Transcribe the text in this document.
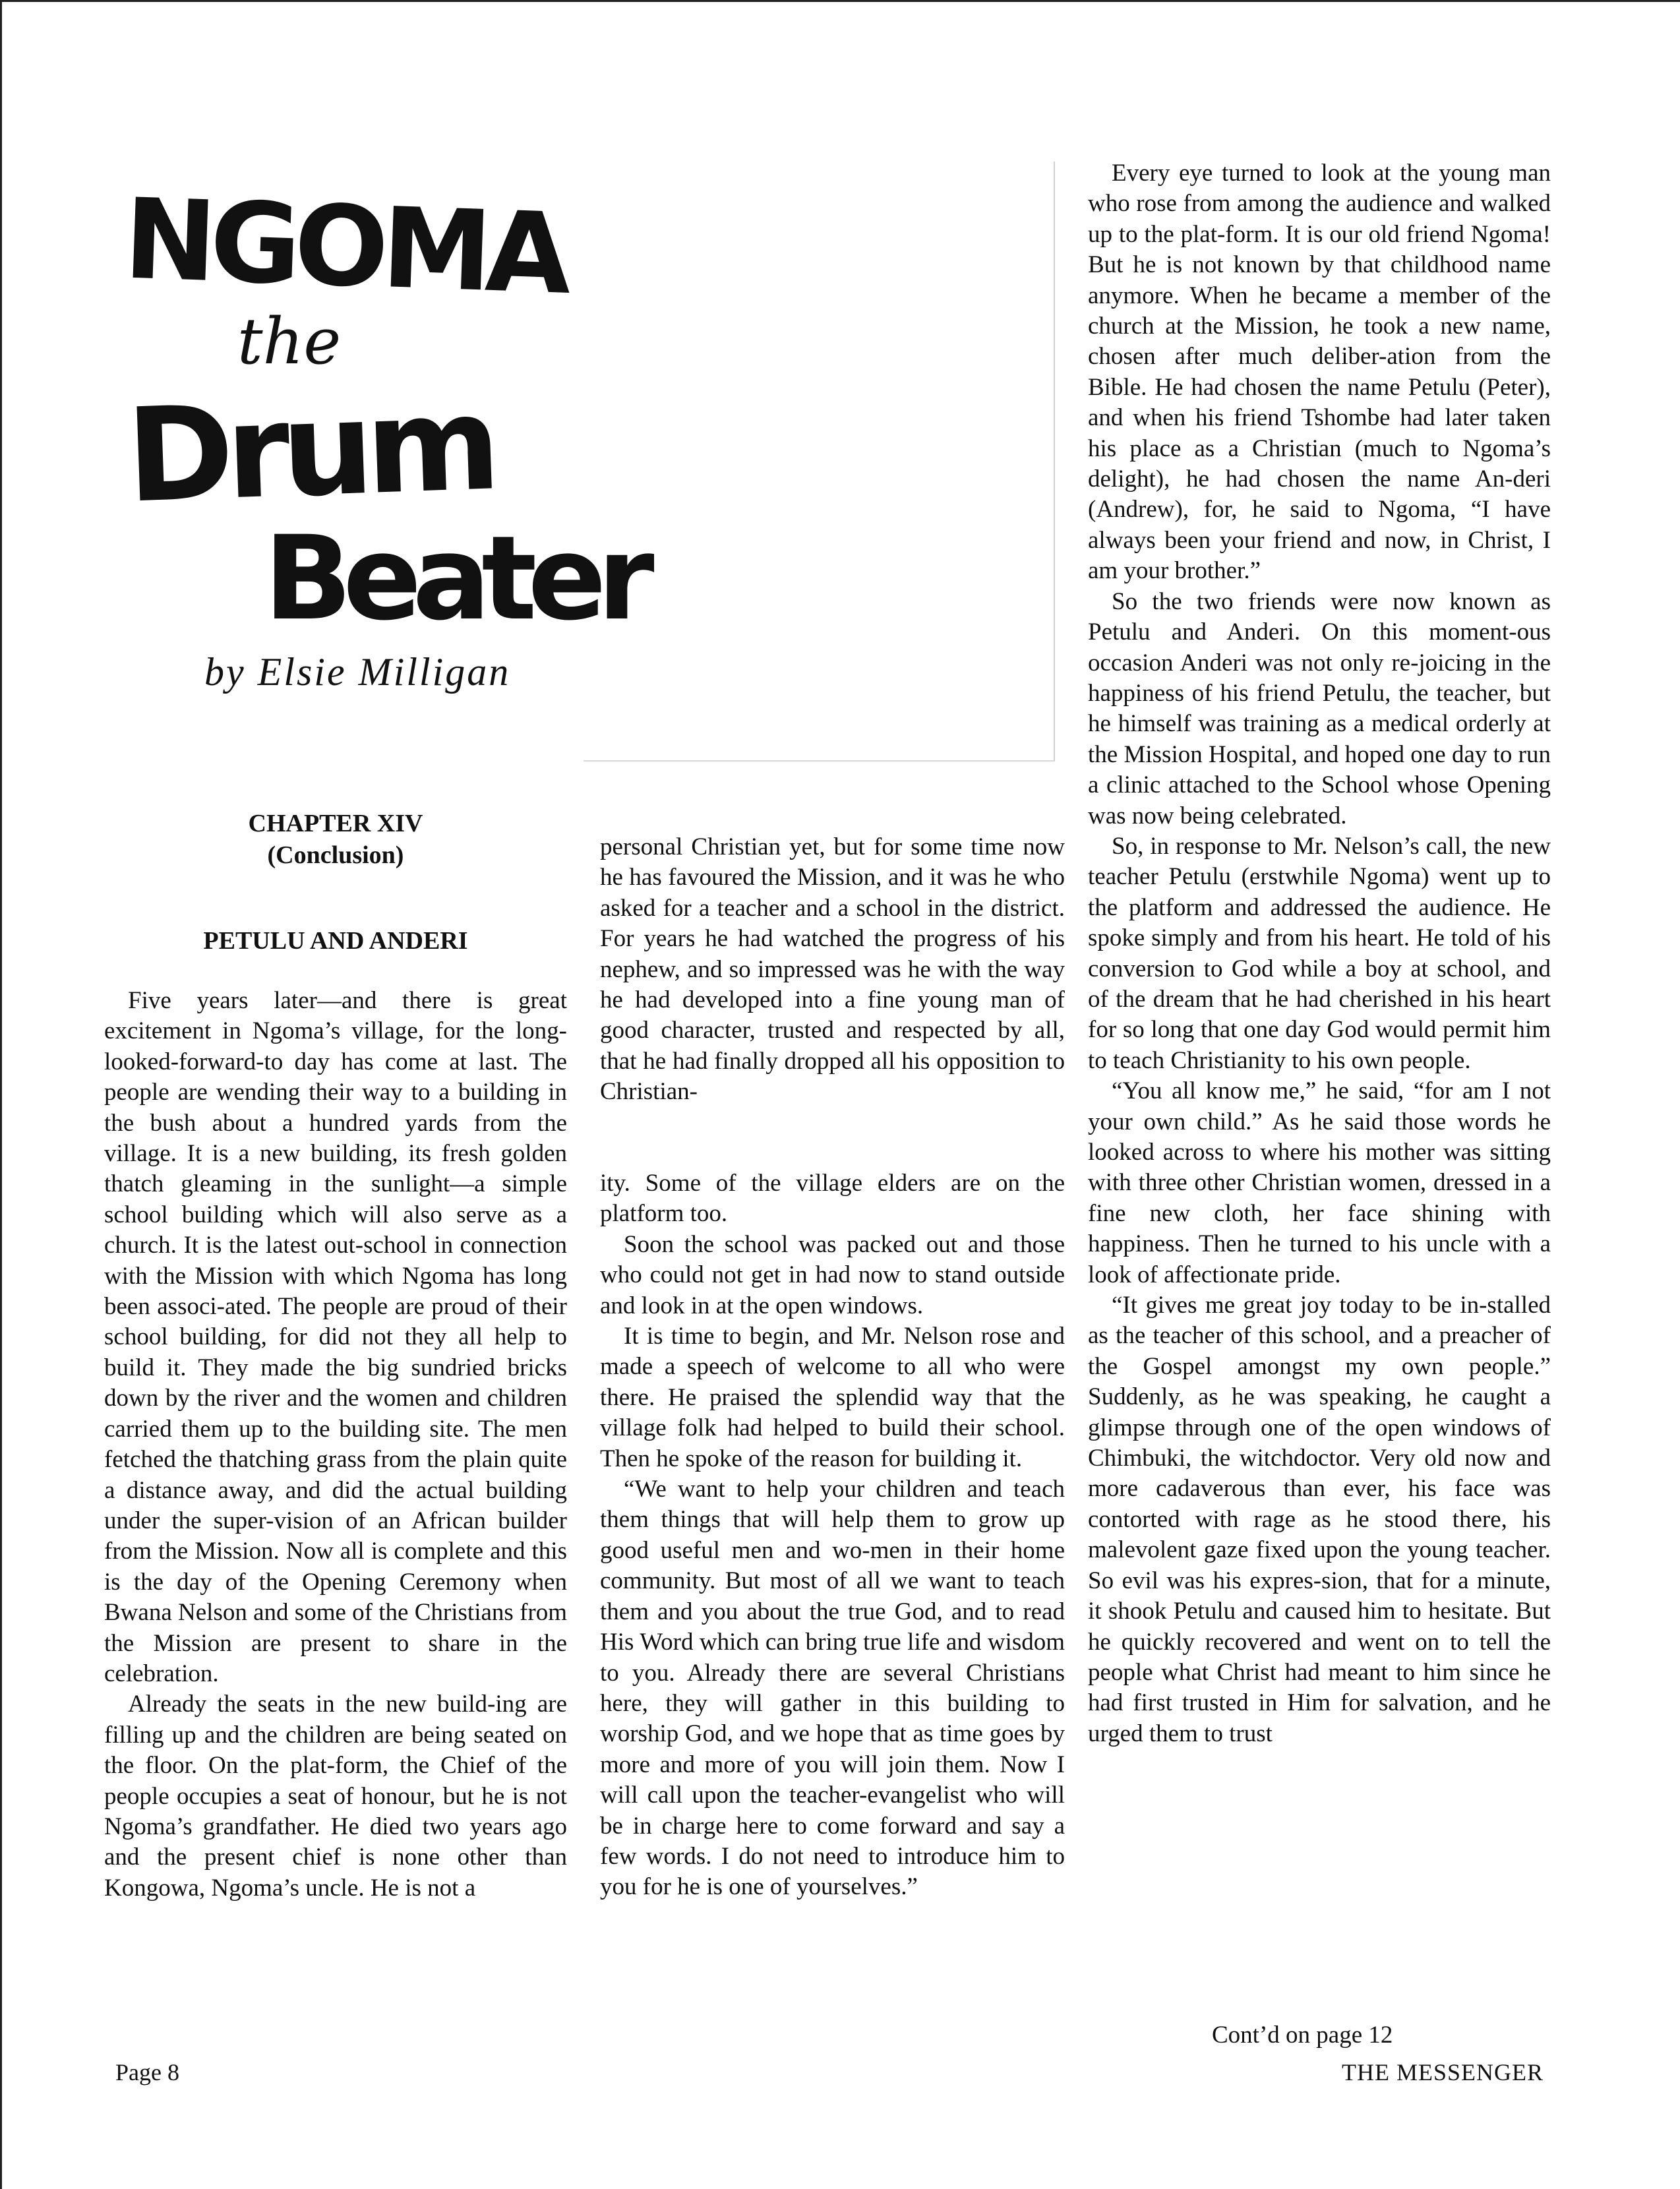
NGOMA
the
Drum
Beater
by Elsie Milligan
CHAPTER XIV
(Conclusion)
PETULU AND ANDERI

Five years later—and there is great excitement in Ngoma’s village, for the long-looked-forward-to day has come at last. The people are wending their way to a building in the bush about a hundred yards from the village. It is a new building, its fresh golden thatch gleaming in the sunlight—a simple school building which will also serve as a church. It is the latest out-school in connection with the Mission with which Ngoma has long been associ-ated. The people are proud of their school building, for did not they all help to build it. They made the big sundried bricks down by the river and the women and children carried them up to the building site. The men fetched the thatching grass from the plain quite a distance away, and did the actual building under the super-vision of an African builder from the Mission. Now all is complete and this is the day of the Opening Ceremony when Bwana Nelson and some of the Christians from the Mission are present to share in the celebration.

Already the seats in the new build-ing are filling up and the children are being seated on the floor. On the plat-form, the Chief of the people occupies a seat of honour, but he is not Ngoma’s grandfather. He died two years ago and the present chief is none other than Kongowa, Ngoma’s uncle. He is not a

personal Christian yet, but for some time now he has favoured the Mission, and it was he who asked for a teacher and a school in the district. For years he had watched the progress of his nephew, and so impressed was he with the way he had developed into a fine young man of good character, trusted and respected by all, that he had finally dropped all his opposition to Christian-

ity. Some of the village elders are on the platform too.

Soon the school was packed out and those who could not get in had now to stand outside and look in at the open windows.

It is time to begin, and Mr. Nelson rose and made a speech of welcome to all who were there. He praised the splendid way that the village folk had helped to build their school. Then he spoke of the reason for building it.

“We want to help your children and teach them things that will help them to grow up good useful men and wo-men in their home community. But most of all we want to teach them and you about the true God, and to read His Word which can bring true life and wisdom to you. Already there are several Christians here, they will gather in this building to worship God, and we hope that as time goes by more and more of you will join them. Now I will call upon the teacher-evangelist who will be in charge here to come forward and say a few words. I do not need to introduce him to you for he is one of yourselves.”

Every eye turned to look at the young man who rose from among the audience and walked up to the plat-form. It is our old friend Ngoma! But he is not known by that childhood name anymore. When he became a member of the church at the Mission, he took a new name, chosen after much deliber-ation from the Bible. He had chosen the name Petulu (Peter), and when his friend Tshombe had later taken his place as a Christian (much to Ngoma’s delight), he had chosen the name An-deri (Andrew), for, he said to Ngoma, “I have always been your friend and now, in Christ, I am your brother.”

So the two friends were now known as Petulu and Anderi. On this moment-ous occasion Anderi was not only re-joicing in the happiness of his friend Petulu, the teacher, but he himself was training as a medical orderly at the Mission Hospital, and hoped one day to run a clinic attached to the School whose Opening was now being celebrated.

So, in response to Mr. Nelson’s call, the new teacher Petulu (erstwhile Ngoma) went up to the platform and addressed the audience. He spoke simply and from his heart. He told of his conversion to God while a boy at school, and of the dream that he had cherished in his heart for so long that one day God would permit him to teach Christianity to his own people.

“You all know me,” he said, “for am I not your own child.” As he said those words he looked across to where his mother was sitting with three other Christian women, dressed in a fine new cloth, her face shining with happiness. Then he turned to his uncle with a look of affectionate pride.

“It gives me great joy today to be in-stalled as the teacher of this school, and a preacher of the Gospel amongst my own people.” Suddenly, as he was speaking, he caught a glimpse through one of the open windows of Chimbuki, the witchdoctor. Very old now and more cadaverous than ever, his face was contorted with rage as he stood there, his malevolent gaze fixed upon the young teacher. So evil was his expres-sion, that for a minute, it shook Petulu and caused him to hesitate. But he quickly recovered and went on to tell the people what Christ had meant to him since he had first trusted in Him for salvation, and he urged them to trust

Cont’d on page 12
Page 8	THE MESSENGER
